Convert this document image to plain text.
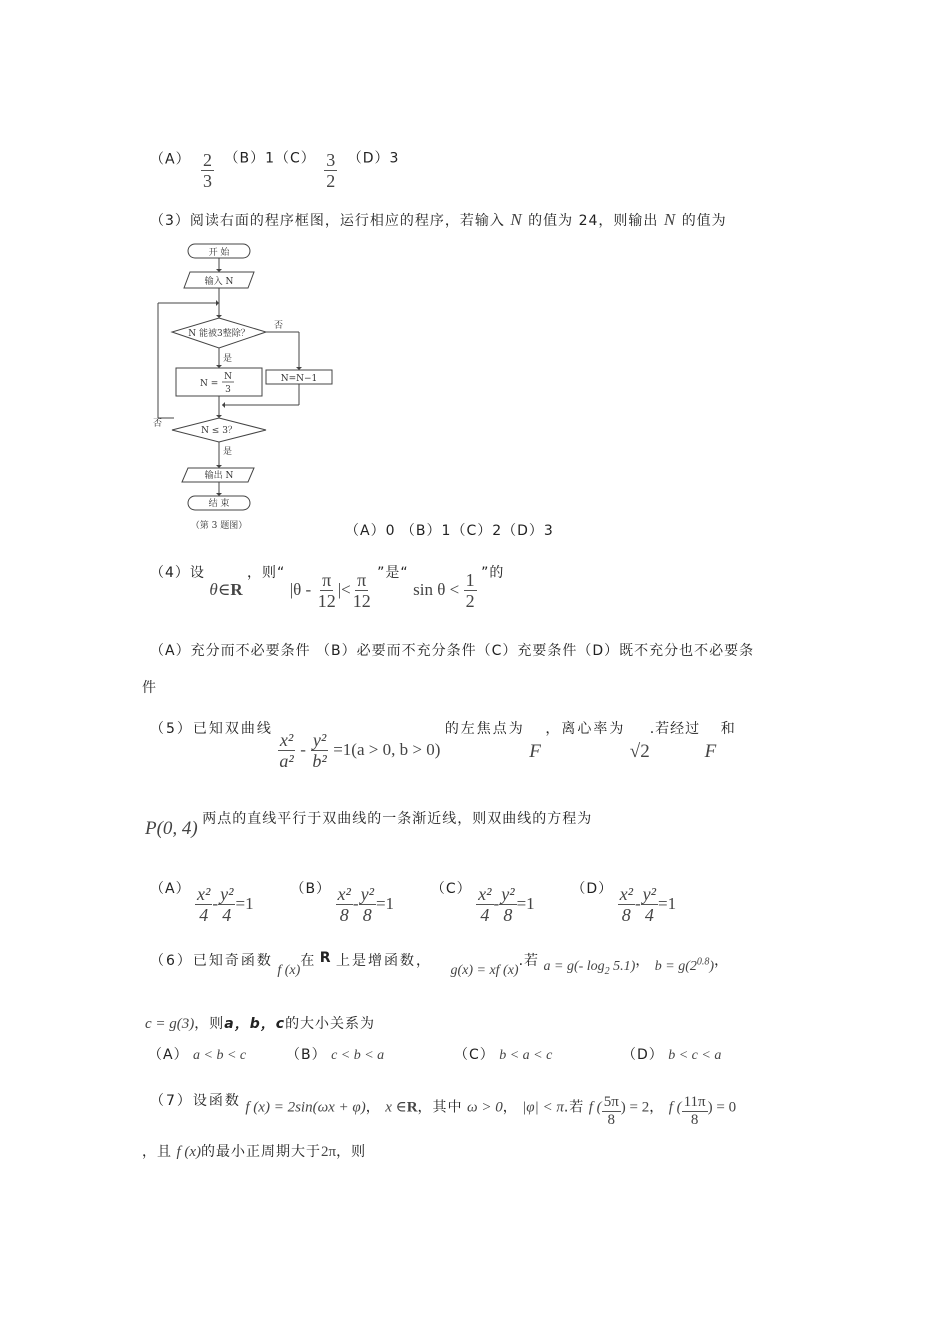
$(A) \frac{2}{3} (B)1(C) \frac{3}{2} (D)3$
（3）阅读右面的程序框图，运行相应的程序，若输入 N 的值为 24，则输出 N 的值为
开 始
输入 N
N 能被3整除？
否
是
N =
N
3
N=N−1
N ≤ 3？
否
是
输出 N
结 束
（第 3 题图）	（A）0 （B）1（C）2（D）3
（4）设 θ∈R ，则“ $|\theta - \frac{\pi}{12}$ |< $\frac{\pi}{12}$ ”是“ $\sin \theta < \frac{1}{2}$ ”的
（A）充分而不必要条件 （B）必要而不充分条件（C）充要条件（D）既不充分也不必要条
件
（5）已知双曲线
$\frac{\text{x²}}{\text{a²}} - \frac{\text{y²}}{\text{b²}} =1(a > 0$, b > 0) 的左焦点为 F ，离心率为 √2.若经过 F 和
P(0, 4) 两点的直线平行于双曲线的一条渐近线，则双曲线的方程为
$(A) \frac{\text{x²}}{4} - \frac{\text{y²}}{4} =1$ $(B) \frac{\text{x²}}{8} - \frac{\text{y²}}{8} =1$ $(C) \frac{\text{x²}}{4} - \frac{\text{y²}}{8} =1$ $(D) \frac{\text{x²}}{8} - \frac{\text{y²}}{4} =1$
（6）已知奇函数 f (x)在 R 上是增函数， g(x) = xf (x).若 a = g(- $\log_2 5.1$)， $b = g(2^{0.8})$，
c = g(3)，则a，b，c的大小关系为
（A） a < b < c	（B） c < b < a	（C） b < a < c	（D） b < c < a
（7）设函数 f (x) = 2sin(ωx + φ)， x ∈R，其中 ω > 0， |φ| < π.若 f ( $\frac{5\pi}{8}$ ) = 2， f ( $\frac{11\pi}{8}$ ) = 0
，且 f (x)的最小正周期大于2π，则
